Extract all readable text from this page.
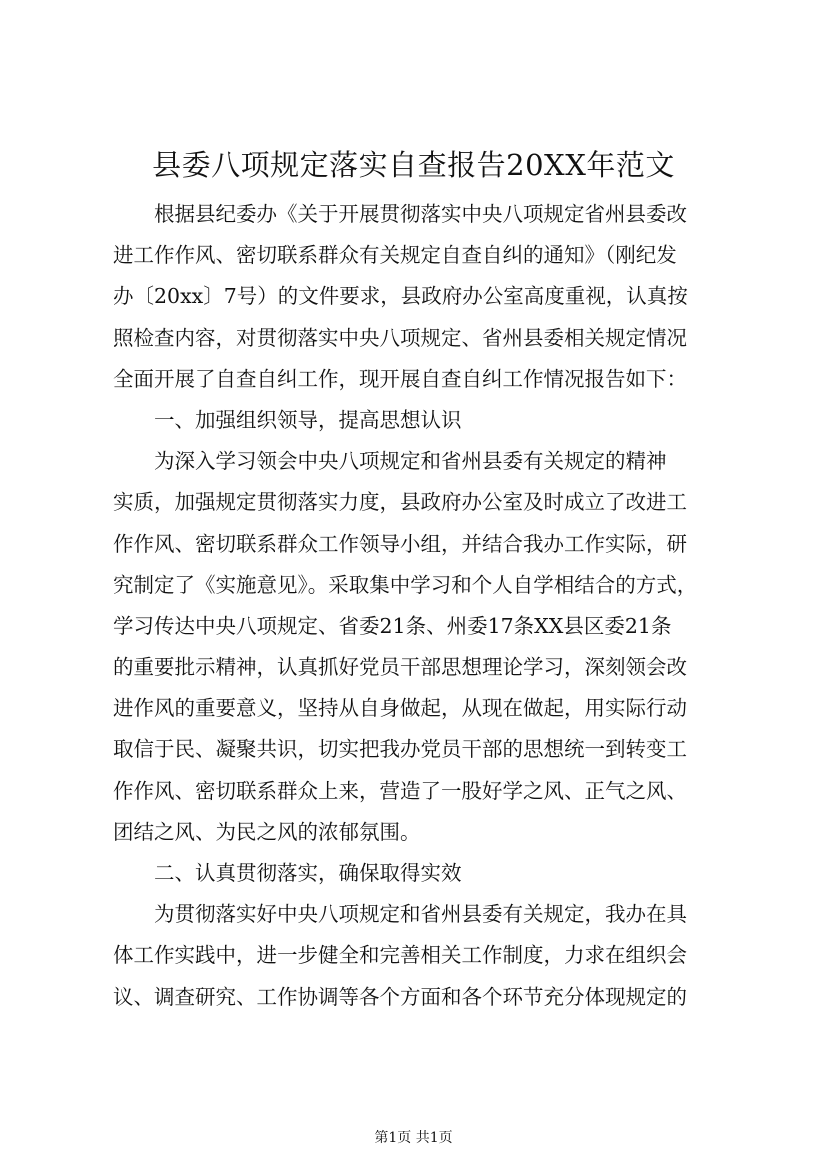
县委八项规定落实自查报告20XX年范文
根据县纪委办《关于开展贯彻落实中央八项规定省州县委改
进工作作风、密切联系群众有关规定自查自纠的通知》（刚纪发
办〔20xx〕7号）的文件要求，县政府办公室高度重视，认真按
照检查内容，对贯彻落实中央八项规定、省州县委相关规定情况
全面开展了自查自纠工作，现开展自查自纠工作情况报告如下：
一、加强组织领导，提高思想认识
为深入学习领会中央八项规定和省州县委有关规定的精神
实质，加强规定贯彻落实力度，县政府办公室及时成立了改进工
作作风、密切联系群众工作领导小组，并结合我办工作实际，研
究制定了《实施意见》。采取集中学习和个人自学相结合的方式，
学习传达中央八项规定、省委21条、州委17条XX县区委21条
的重要批示精神，认真抓好党员干部思想理论学习，深刻领会改
进作风的重要意义，坚持从自身做起，从现在做起，用实际行动
取信于民、凝聚共识，切实把我办党员干部的思想统一到转变工
作作风、密切联系群众上来，营造了一股好学之风、正气之风、
团结之风、为民之风的浓郁氛围。
二、认真贯彻落实，确保取得实效
为贯彻落实好中央八项规定和省州县委有关规定，我办在具
体工作实践中，进一步健全和完善相关工作制度，力求在组织会
议、调查研究、工作协调等各个方面和各个环节充分体现规定的
第1页 共1页
